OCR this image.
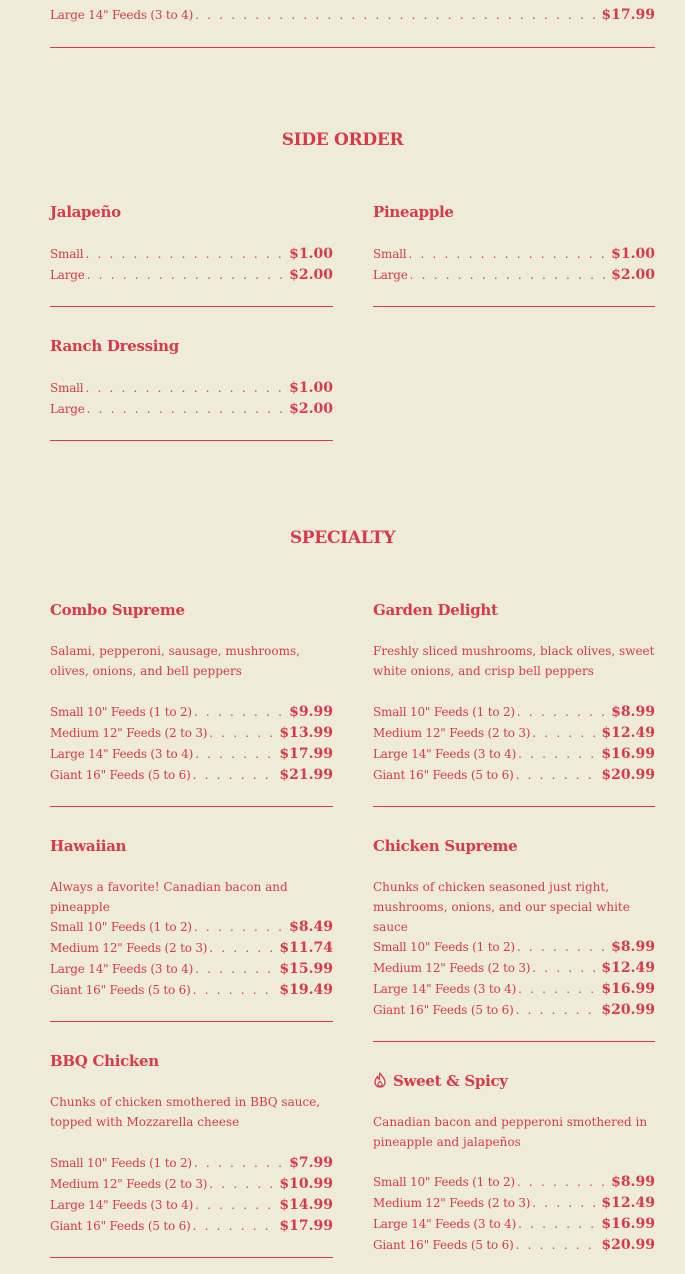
Large 14" Feeds (3 to 4) . . .	$17.99
SIDE ORDER
Jalapeño
Small . . .	$1.00
Large . . .	$2.00
Pineapple
Small . . .	$1.00
Large . . .	$2.00
Ranch Dressing
Small . . .	$1.00
Large . . .	$2.00
SPECIALTY
Combo Supreme
Salami, pepperoni, sausage, mushrooms, olives, onions, and bell peppers
Small 10" Feeds (1 to 2) . . .	$9.99
Medium 12" Feeds (2 to 3) . . .	$13.99
Large 14" Feeds (3 to 4) . . .	$17.99
Giant 16" Feeds (5 to 6) . . .	$21.99
Garden Delight
Freshly sliced mushrooms, black olives, sweet white onions, and crisp bell peppers
Small 10" Feeds (1 to 2) . . .	$8.99
Medium 12" Feeds (2 to 3) . . .	$12.49
Large 14" Feeds (3 to 4) . . .	$16.99
Giant 16" Feeds (5 to 6) . . .	$20.99
Hawaiian
Always a favorite! Canadian bacon and pineapple
Small 10" Feeds (1 to 2) . . .	$8.49
Medium 12" Feeds (2 to 3) . . .	$11.74
Large 14" Feeds (3 to 4) . . .	$15.99
Giant 16" Feeds (5 to 6) . . .	$19.49
Chicken Supreme
Chunks of chicken seasoned just right, mushrooms, onions, and our special white sauce
Small 10" Feeds (1 to 2) . . .	$8.99
Medium 12" Feeds (2 to 3) . . .	$12.49
Large 14" Feeds (3 to 4) . . .	$16.99
Giant 16" Feeds (5 to 6) . . .	$20.99
BBQ Chicken
Chunks of chicken smothered in BBQ sauce, topped with Mozzarella cheese
Small 10" Feeds (1 to 2) . . .	$7.99
Medium 12" Feeds (2 to 3) . . .	$10.99
Large 14" Feeds (3 to 4) . . .	$14.99
Giant 16" Feeds (5 to 6) . . .	$17.99
Sweet & Spicy
Canadian bacon and pepperoni smothered in pineapple and jalapeños
Small 10" Feeds (1 to 2) . . .	$8.99
Medium 12" Feeds (2 to 3) . . .	$12.49
Large 14" Feeds (3 to 4) . . .	$16.99
Giant 16" Feeds (5 to 6) . . .	$20.99
